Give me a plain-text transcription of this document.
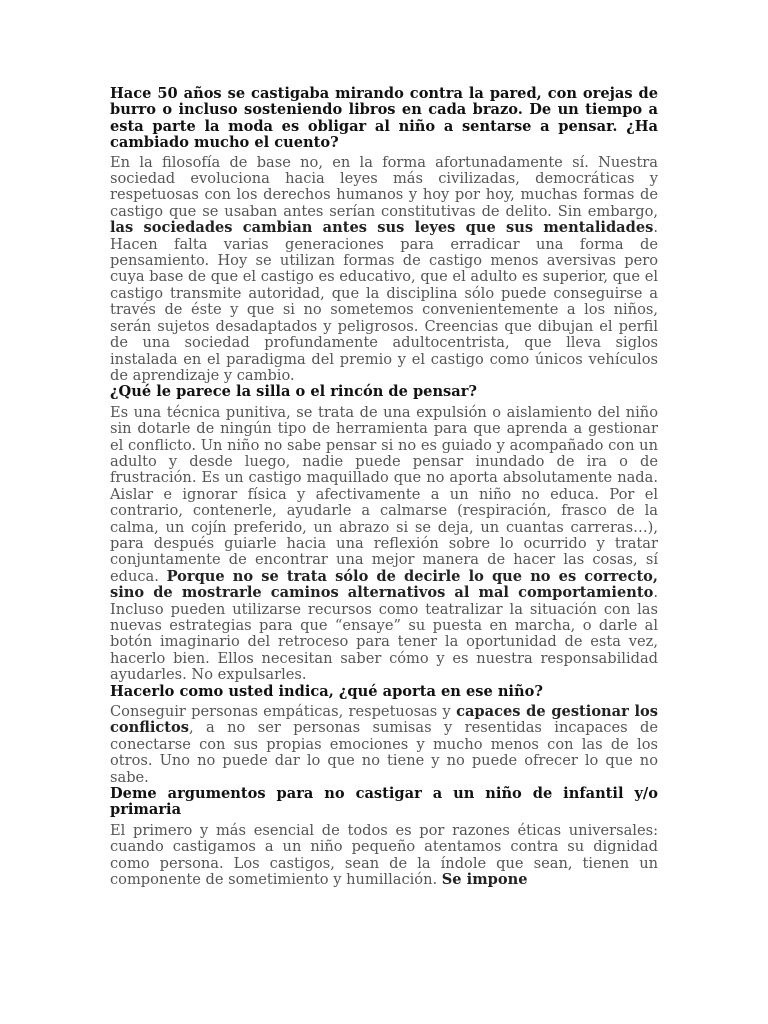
Hace 50 años se castigaba mirando contra la pared, con orejas de burro o incluso sosteniendo libros en cada brazo. De un tiempo a esta parte la moda es obligar al niño a sentarse a pensar. ¿Ha cambiado mucho el cuento?

En la filosofía de base no, en la forma afortunadamente sí. Nuestra sociedad evoluciona hacia leyes más civilizadas, democráticas y respetuosas con los derechos humanos y hoy por hoy, muchas formas de castigo que se usaban antes serían constitutivas de delito. Sin embargo, las sociedades cambian antes sus leyes que sus mentalidades. Hacen falta varias generaciones para erradicar una forma de pensamiento. Hoy se utilizan formas de castigo menos aversivas pero cuya base de que el castigo es educativo, que el adulto es superior, que el castigo transmite autoridad, que la disciplina sólo puede conseguirse a través de éste y que si no sometemos convenientemente a los niños, serán sujetos desadaptados y peligrosos. Creencias que dibujan el perfil de una sociedad profundamente adultocentrista, que lleva siglos instalada en el paradigma del premio y el castigo como únicos vehículos de aprendizaje y cambio.

¿Qué le parece la silla o el rincón de pensar?

Es una técnica punitiva, se trata de una expulsión o aislamiento del niño sin dotarle de ningún tipo de herramienta para que aprenda a gestionar el conflicto. Un niño no sabe pensar si no es guiado y acompañado con un adulto y desde luego, nadie puede pensar inundado de ira o de frustración. Es un castigo maquillado que no aporta absolutamente nada. Aislar e ignorar física y afectivamente a un niño no educa. Por el contrario, contenerle, ayudarle a calmarse (respiración, frasco de la calma, un cojín preferido, un abrazo si se deja, un cuantas carreras…), para después guiarle hacia una reflexión sobre lo ocurrido y tratar conjuntamente de encontrar una mejor manera de hacer las cosas, sí educa. Porque no se trata sólo de decirle lo que no es correcto, sino de mostrarle caminos alternativos al mal comportamiento. Incluso pueden utilizarse recursos como teatralizar la situación con las nuevas estrategias para que “ensaye” su puesta en marcha, o darle al botón imaginario del retroceso para tener la oportunidad de esta vez, hacerlo bien. Ellos necesitan saber cómo y es nuestra responsabilidad ayudarles. No expulsarles.

Hacerlo como usted indica, ¿qué aporta en ese niño?

Conseguir personas empáticas, respetuosas y capaces de gestionar los conflictos, a no ser personas sumisas y resentidas incapaces de conectarse con sus propias emociones y mucho menos con las de los otros. Uno no puede dar lo que no tiene y no puede ofrecer lo que no sabe.

Deme argumentos para no castigar a un niño de infantil y/o primaria

El primero y más esencial de todos es por razones éticas universales: cuando castigamos a un niño pequeño atentamos contra su dignidad como persona. Los castigos, sean de la índole que sean, tienen un componente de sometimiento y humillación. Se impone
